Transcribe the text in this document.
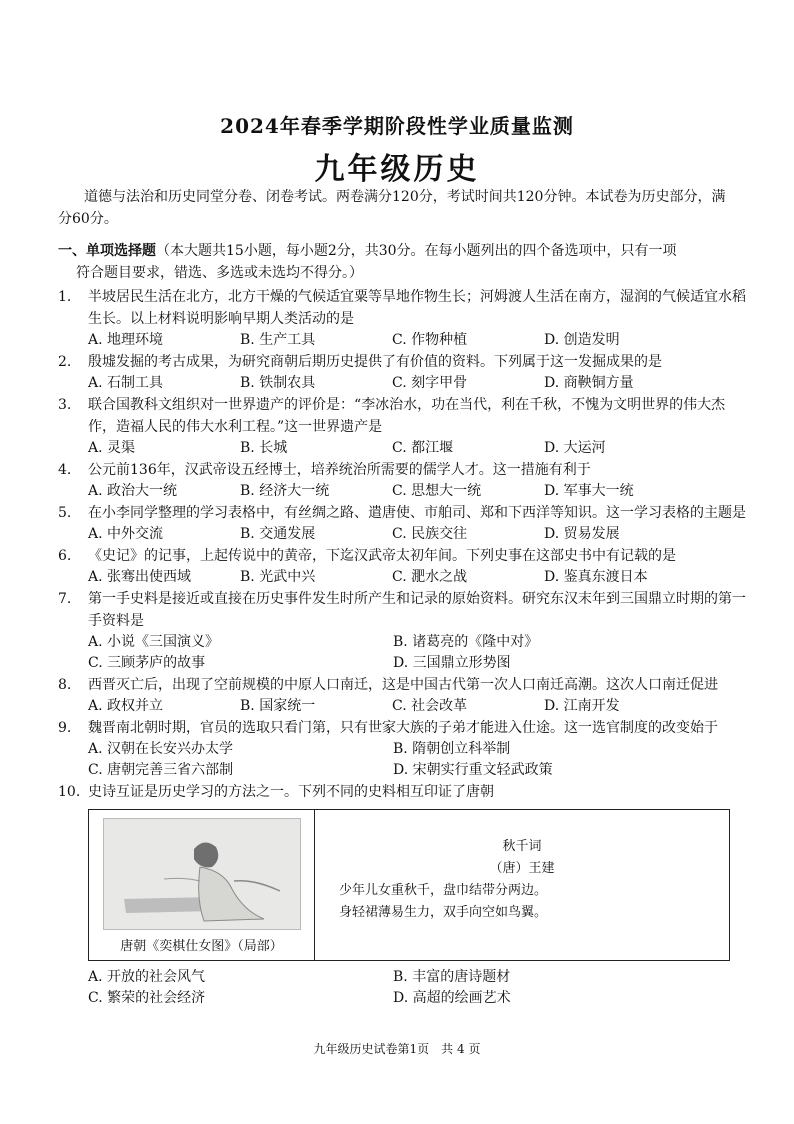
2024年春季学期阶段性学业质量监测
九年级历史
道德与法治和历史同堂分卷、闭卷考试。两卷满分120分，考试时间共120分钟。本试卷为历史部分，满分60分。
一、单项选择题（本大题共15小题，每小题2分，共30分。在每小题列出的四个备选项中，只有一项
符合题目要求，错选、多选或未选均不得分。）
1.	半坡居民生活在北方，北方干燥的气候适宜粟等旱地作物生长；河姆渡人生活在南方，湿润的气候适宜水稻生长。以上材料说明影响早期人类活动的是
A. 地理环境	B. 生产工具	C. 作物种植	D. 创造发明
2.	殷墟发掘的考古成果，为研究商朝后期历史提供了有价值的资料。下列属于这一发掘成果的是
A. 石制工具	B. 铁制农具	C. 刻字甲骨	D. 商鞅铜方量
3.	联合国教科文组织对一世界遗产的评价是：“李冰治水，功在当代，利在千秋，不愧为文明世界的伟大杰作，造福人民的伟大水利工程。”这一世界遗产是
A. 灵渠	B. 长城	C. 都江堰	D. 大运河
4.	公元前136年，汉武帝设五经博士，培养统治所需要的儒学人才。这一措施有利于
A. 政治大一统	B. 经济大一统	C. 思想大一统	D. 军事大一统
5.	在小李同学整理的学习表格中，有丝绸之路、遣唐使、市舶司、郑和下西洋等知识。这一学习表格的主题是
A. 中外交流	B. 交通发展	C. 民族交往	D. 贸易发展
6.	《史记》的记事，上起传说中的黄帝，下迄汉武帝太初年间。下列史事在这部史书中有记载的是
A. 张骞出使西域	B. 光武中兴	C. 淝水之战	D. 鉴真东渡日本
7.	第一手史料是接近或直接在历史事件发生时所产生和记录的原始资料。研究东汉末年到三国鼎立时期的第一手资料是
A. 小说《三国演义》	B. 诸葛亮的《隆中对》
C. 三顾茅庐的故事	D. 三国鼎立形势图
8.	西晋灭亡后，出现了空前规模的中原人口南迁，这是中国古代第一次人口南迁高潮。这次人口南迁促进
A. 政权并立	B. 国家统一	C. 社会改革	D. 江南开发
9.	魏晋南北朝时期，官员的选取只看门第，只有世家大族的子弟才能进入仕途。这一选官制度的改变始于
A. 汉朝在长安兴办太学	B. 隋朝创立科举制
C. 唐朝完善三省六部制	D. 宋朝实行重文轻武政策
10. 史诗互证是历史学习的方法之一。下列不同的史料相互印证了唐朝
唐朝《奕棋仕女图》（局部）
秋千词
（唐）王建
少年儿女重秋千，盘巾结带分两边。
身轻裙薄易生力，双手向空如鸟翼。
A. 开放的社会风气	B. 丰富的唐诗题材
C. 繁荣的社会经济	D. 高超的绘画艺术
九年级历史试卷第1页　共 4 页
